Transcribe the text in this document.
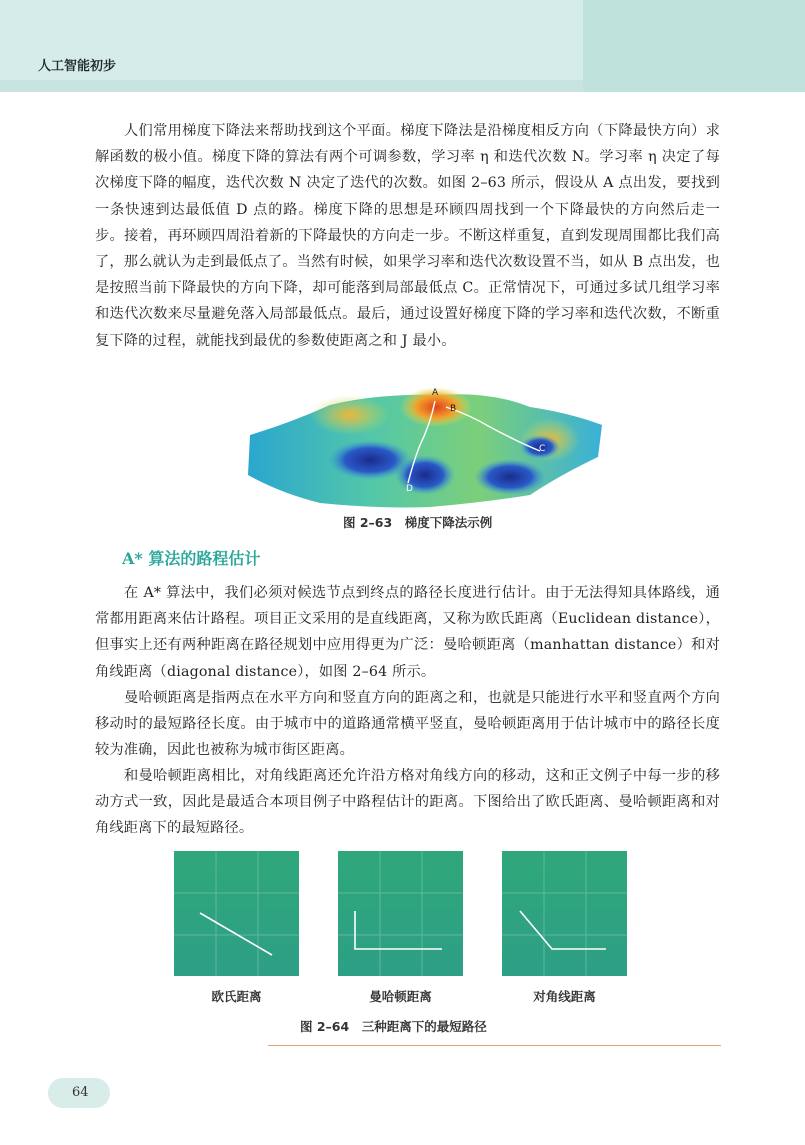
人工智能初步

人们常用梯度下降法来帮助找到这个平面。梯度下降法是沿梯度相反方向（下降最快方向）求解函数的极小值。梯度下降的算法有两个可调参数，学习率 η 和迭代次数 N。学习率 η 决定了每次梯度下降的幅度，迭代次数 N 决定了迭代的次数。如图 2–63 所示，假设从 A 点出发，要找到一条快速到达最低值 D 点的路。梯度下降的思想是环顾四周找到一个下降最快的方向然后走一步。接着，再环顾四周沿着新的下降最快的方向走一步。不断这样重复，直到发现周围都比我们高了，那么就认为走到最低点了。当然有时候，如果学习率和迭代次数设置不当，如从 B 点出发，也是按照当前下降最快的方向下降，却可能落到局部最低点 C。正常情况下，可通过多试几组学习率和迭代次数来尽量避免落入局部最低点。最后，通过设置好梯度下降的学习率和迭代次数，不断重复下降的过程，就能找到最优的参数使距离之和 J 最小。

A
B
C
D
图 2–63　梯度下降法示例
A* 算法的路程估计

在 A* 算法中，我们必须对候选节点到终点的路径长度进行估计。由于无法得知具体路线，通常都用距离来估计路程。项目正文采用的是直线距离，又称为欧氏距离（Euclidean distance），但事实上还有两种距离在路径规划中应用得更为广泛：曼哈顿距离（manhattan distance）和对角线距离（diagonal distance），如图 2–64 所示。

曼哈顿距离是指两点在水平方向和竖直方向的距离之和，也就是只能进行水平和竖直两个方向移动时的最短路径长度。由于城市中的道路通常横平竖直，曼哈顿距离用于估计城市中的路径长度较为准确，因此也被称为城市街区距离。

和曼哈顿距离相比，对角线距离还允许沿方格对角线方向的移动，这和正文例子中每一步的移动方式一致，因此是最适合本项目例子中路程估计的距离。下图给出了欧氏距离、曼哈顿距离和对角线距离下的最短路径。

欧氏距离	曼哈顿距离	对角线距离
图 2–64　三种距离下的最短路径
64
